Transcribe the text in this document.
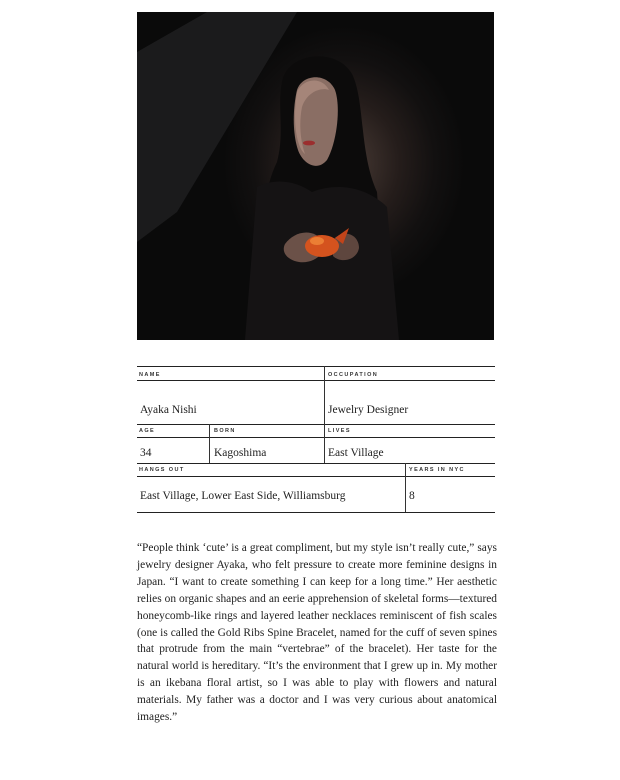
NAME	OCCUPATION
Ayaka Nishi	Jewelry Designer
AGE	BORN	LIVES
34	Kagoshima	East Village
HANGS OUT	YEARS IN NYC
East Village, Lower East Side, Williamsburg	8

“People think ‘cute’ is a great compliment, but my style isn’t really cute,” says jewelry designer Ayaka, who felt pressure to create more feminine designs in Japan. “I want to create something I can keep for a long time.” Her aesthetic relies on organic shapes and an eerie apprehension of skeletal forms—textured honeycomb-like rings and layered leather necklaces reminiscent of fish scales (one is called the Gold Ribs Spine Bracelet, named for the cuff of seven spines that protrude from the main “vertebrae” of the bracelet). Her taste for the natural world is hereditary. “It’s the environment that I grew up in. My mother is an ikebana floral artist, so I was able to play with flowers and natural materials. My father was a doctor and I was very curious about anatomical images.”
